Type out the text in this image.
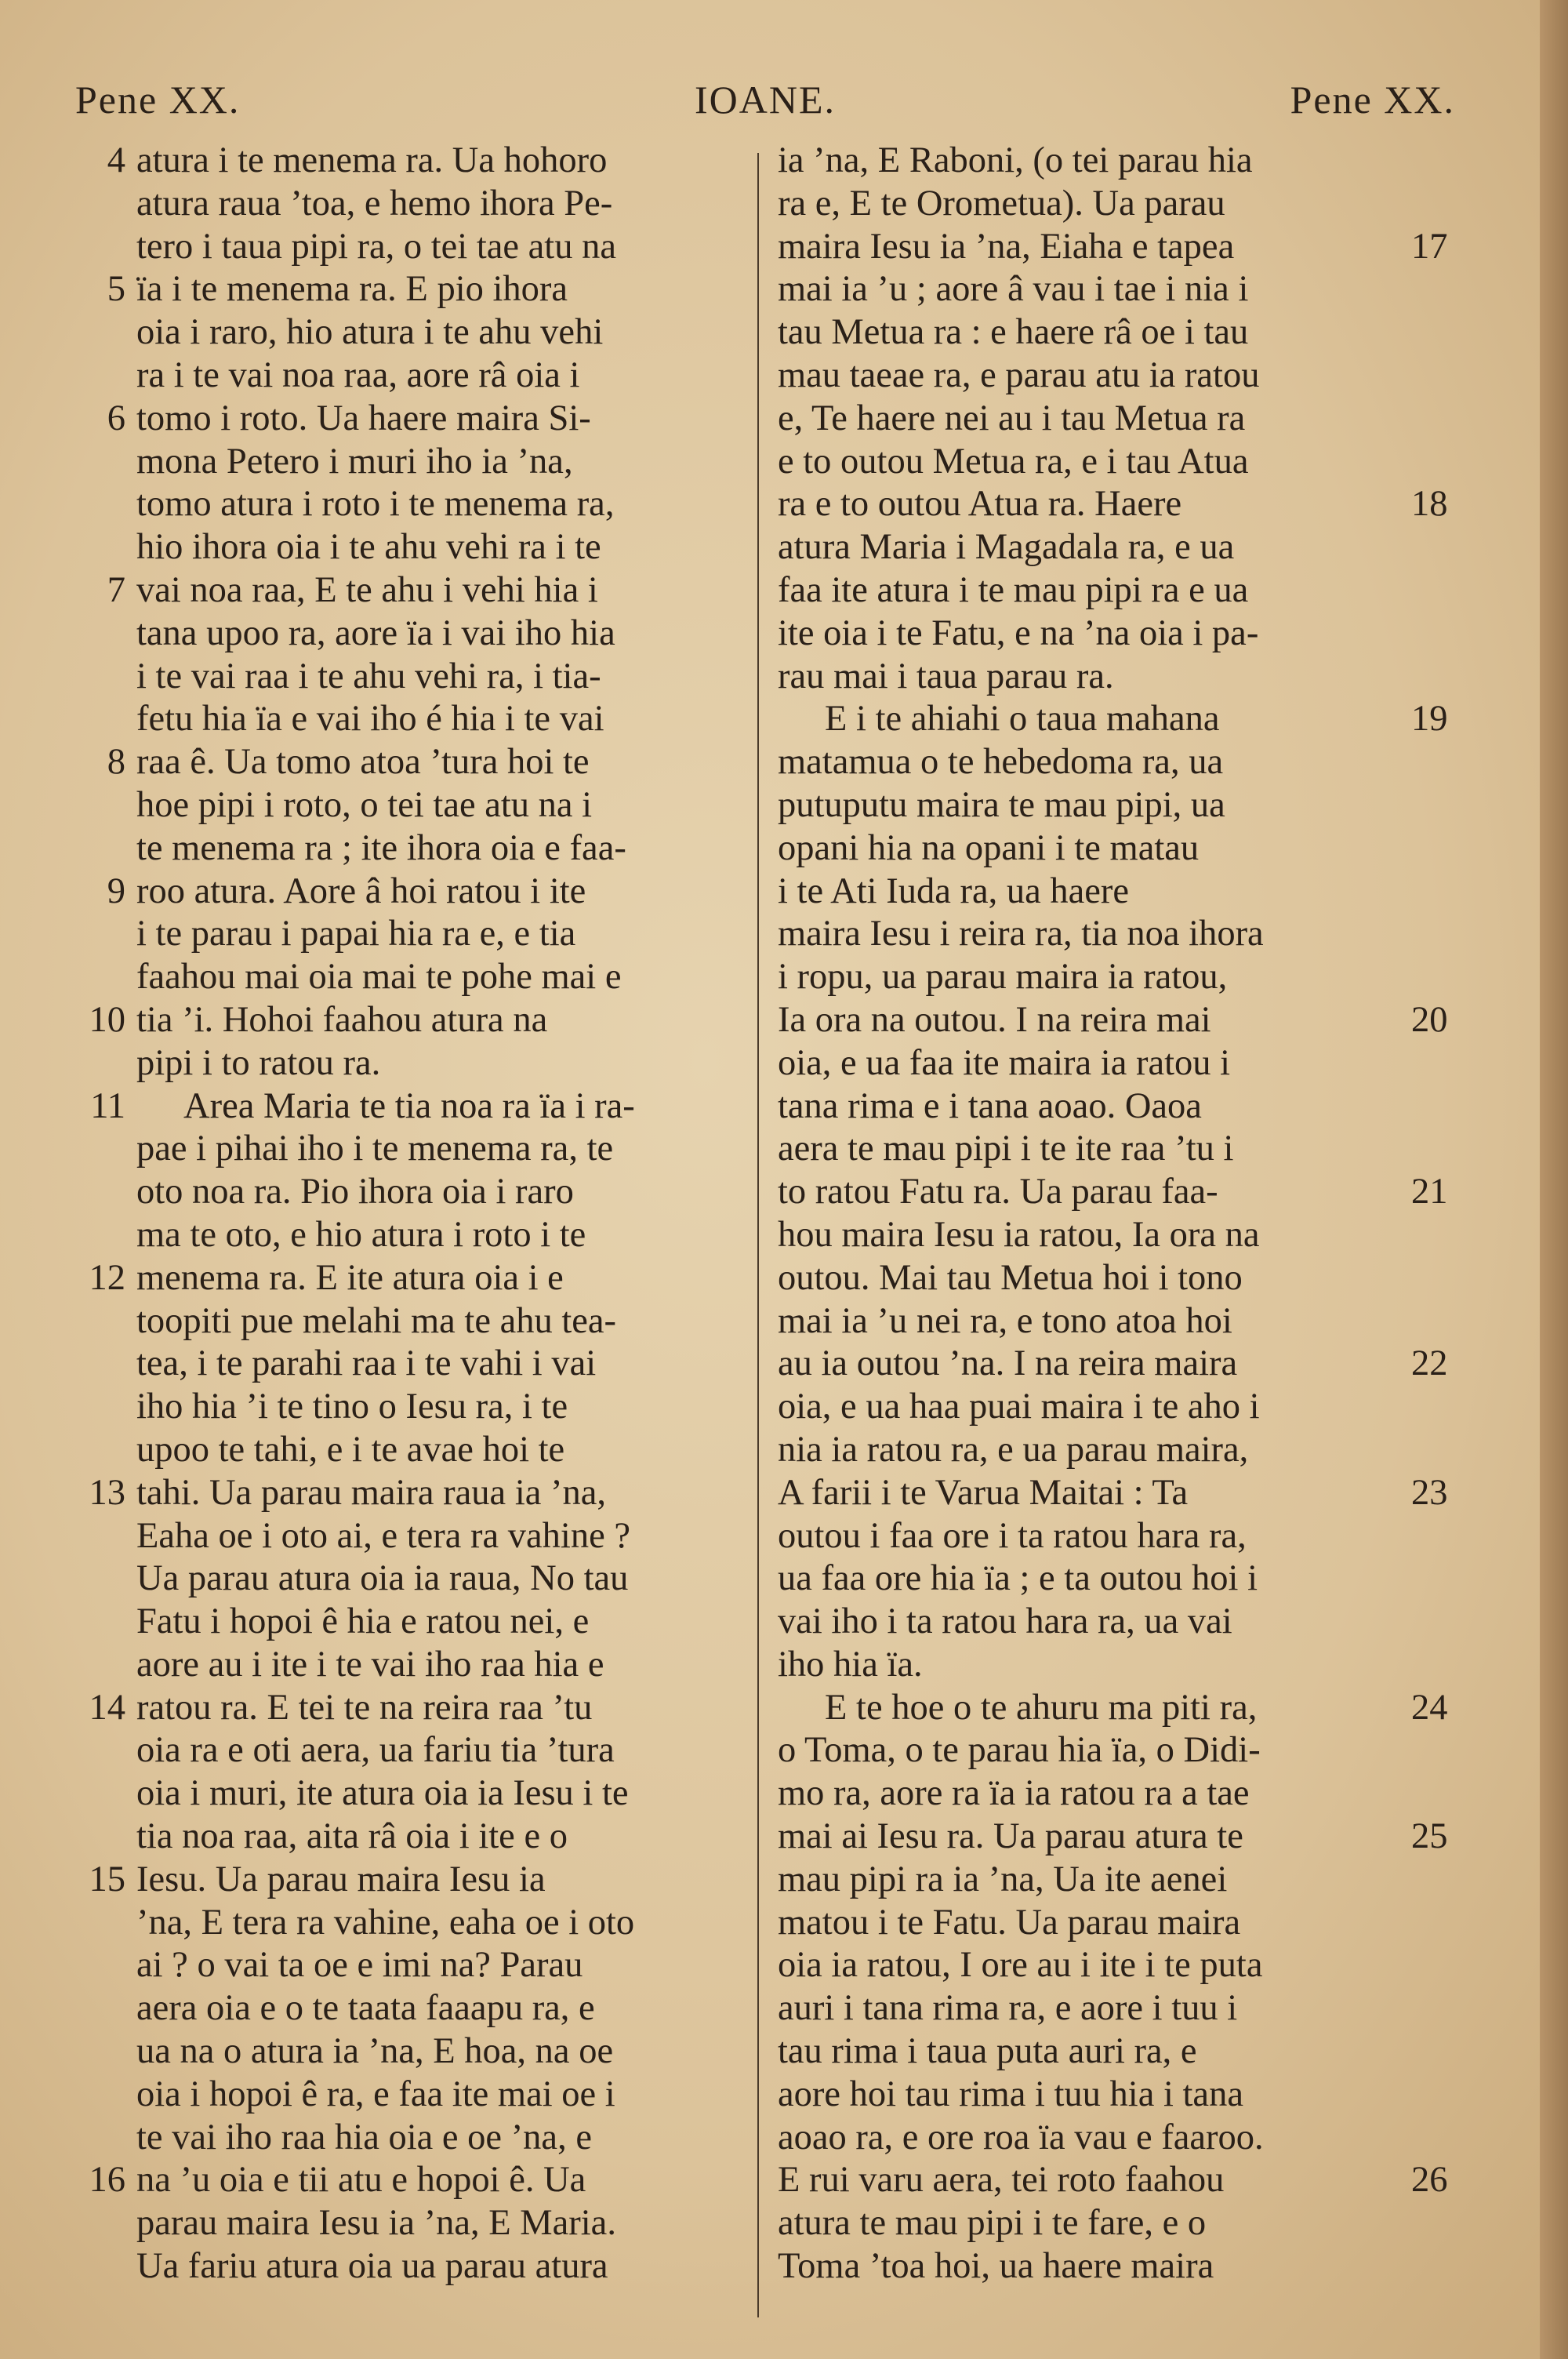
Pene XX.	IOANE.	Pene XX.
4 atura i te menema ra. Ua hohoro
atura raua ’toa, e hemo ihora Pe-
tero i taua pipi ra, o tei tae atu na
5 ïa i te menema ra. E pio ihora
oia i raro, hio atura i te ahu vehi
ra i te vai noa raa, aore râ oia i
6 tomo i roto. Ua haere maira Si-
mona Petero i muri iho ia ’na,
tomo atura i roto i te menema ra,
hio ihora oia i te ahu vehi ra i te
7 vai noa raa, E te ahu i vehi hia i
tana upoo ra, aore ïa i vai iho hia
i te vai raa i te ahu vehi ra, i tia-
fetu hia ïa e vai iho é hia i te vai
8 raa ê. Ua tomo atoa ’tura hoi te
hoe pipi i roto, o tei tae atu na i
te menema ra ; ite ihora oia e faa-
9 roo atura. Aore â hoi ratou i ite
i te parau i papai hia ra e, e tia
faahou mai oia mai te pohe mai e
10 tia ’i. Hohoi faahou atura na
pipi i to ratou ra.
11 Area Maria te tia noa ra ïa i ra-
pae i pihai iho i te menema ra, te
oto noa ra. Pio ihora oia i raro
ma te oto, e hio atura i roto i te
12 menema ra. E ite atura oia i e
toopiti pue melahi ma te ahu tea-
tea, i te parahi raa i te vahi i vai
iho hia ’i te tino o Iesu ra, i te
upoo te tahi, e i te avae hoi te
13 tahi. Ua parau maira raua ia ’na,
Eaha oe i oto ai, e tera ra vahine ?
Ua parau atura oia ia raua, No tau
Fatu i hopoi ê hia e ratou nei, e
aore au i ite i te vai iho raa hia e
14 ratou ra. E tei te na reira raa ’tu
oia ra e oti aera, ua fariu tia ’tura
oia i muri, ite atura oia ia Iesu i te
tia noa raa, aita râ oia i ite e o
15 Iesu. Ua parau maira Iesu ia
’na, E tera ra vahine, eaha oe i oto
ai ? o vai ta oe e imi na? Parau
aera oia e o te taata faaapu ra, e
ua na o atura ia ’na, E hoa, na oe
oia i hopoi ê ra, e faa ite mai oe i
te vai iho raa hia oia e oe ’na, e
16 na ’u oia e tii atu e hopoi ê. Ua
parau maira Iesu ia ’na, E Maria.
Ua fariu atura oia ua parau atura
ia ’na, E Raboni, (o tei parau hia
ra e, E te Orometua). Ua parau
17
maira Iesu ia ’na, Eiaha e tapea
mai ia ’u ; aore â vau i tae i nia i
tau Metua ra : e haere râ oe i tau
mau taeae ra, e parau atu ia ratou
e, Te haere nei au i tau Metua ra
e to outou Metua ra, e i tau Atua
18
ra e to outou Atua ra. Haere
atura Maria i Magadala ra, e ua
faa ite atura i te mau pipi ra e ua
ite oia i te Fatu, e na ’na oia i pa-
rau mai i taua parau ra.
19
E i te ahiahi o taua mahana
matamua o te hebedoma ra, ua
putuputu maira te mau pipi, ua
opani hia na opani i te matau
i te Ati Iuda ra, ua haere
maira Iesu i reira ra, tia noa ihora
i ropu, ua parau maira ia ratou,
20
Ia ora na outou. I na reira mai
oia, e ua faa ite maira ia ratou i
tana rima e i tana aoao. Oaoa
aera te mau pipi i te ite raa ’tu i
21
to ratou Fatu ra. Ua parau faa-
hou maira Iesu ia ratou, Ia ora na
outou. Mai tau Metua hoi i tono
mai ia ’u nei ra, e tono atoa hoi
22
au ia outou ’na. I na reira maira
oia, e ua haa puai maira i te aho i
nia ia ratou ra, e ua parau maira,
23
A farii i te Varua Maitai : Ta
outou i faa ore i ta ratou hara ra,
ua faa ore hia ïa ; e ta outou hoi i
vai iho i ta ratou hara ra, ua vai
iho hia ïa.
24
E te hoe o te ahuru ma piti ra,
o Toma, o te parau hia ïa, o Didi-
mo ra, aore ra ïa ia ratou ra a tae
25
mai ai Iesu ra. Ua parau atura te
mau pipi ra ia ’na, Ua ite aenei
matou i te Fatu. Ua parau maira
oia ia ratou, I ore au i ite i te puta
auri i tana rima ra, e aore i tuu i
tau rima i taua puta auri ra, e
aore hoi tau rima i tuu hia i tana
aoao ra, e ore roa ïa vau e faaroo.
26
E rui varu aera, tei roto faahou
atura te mau pipi i te fare, e o
Toma ’toa hoi, ua haere maira
